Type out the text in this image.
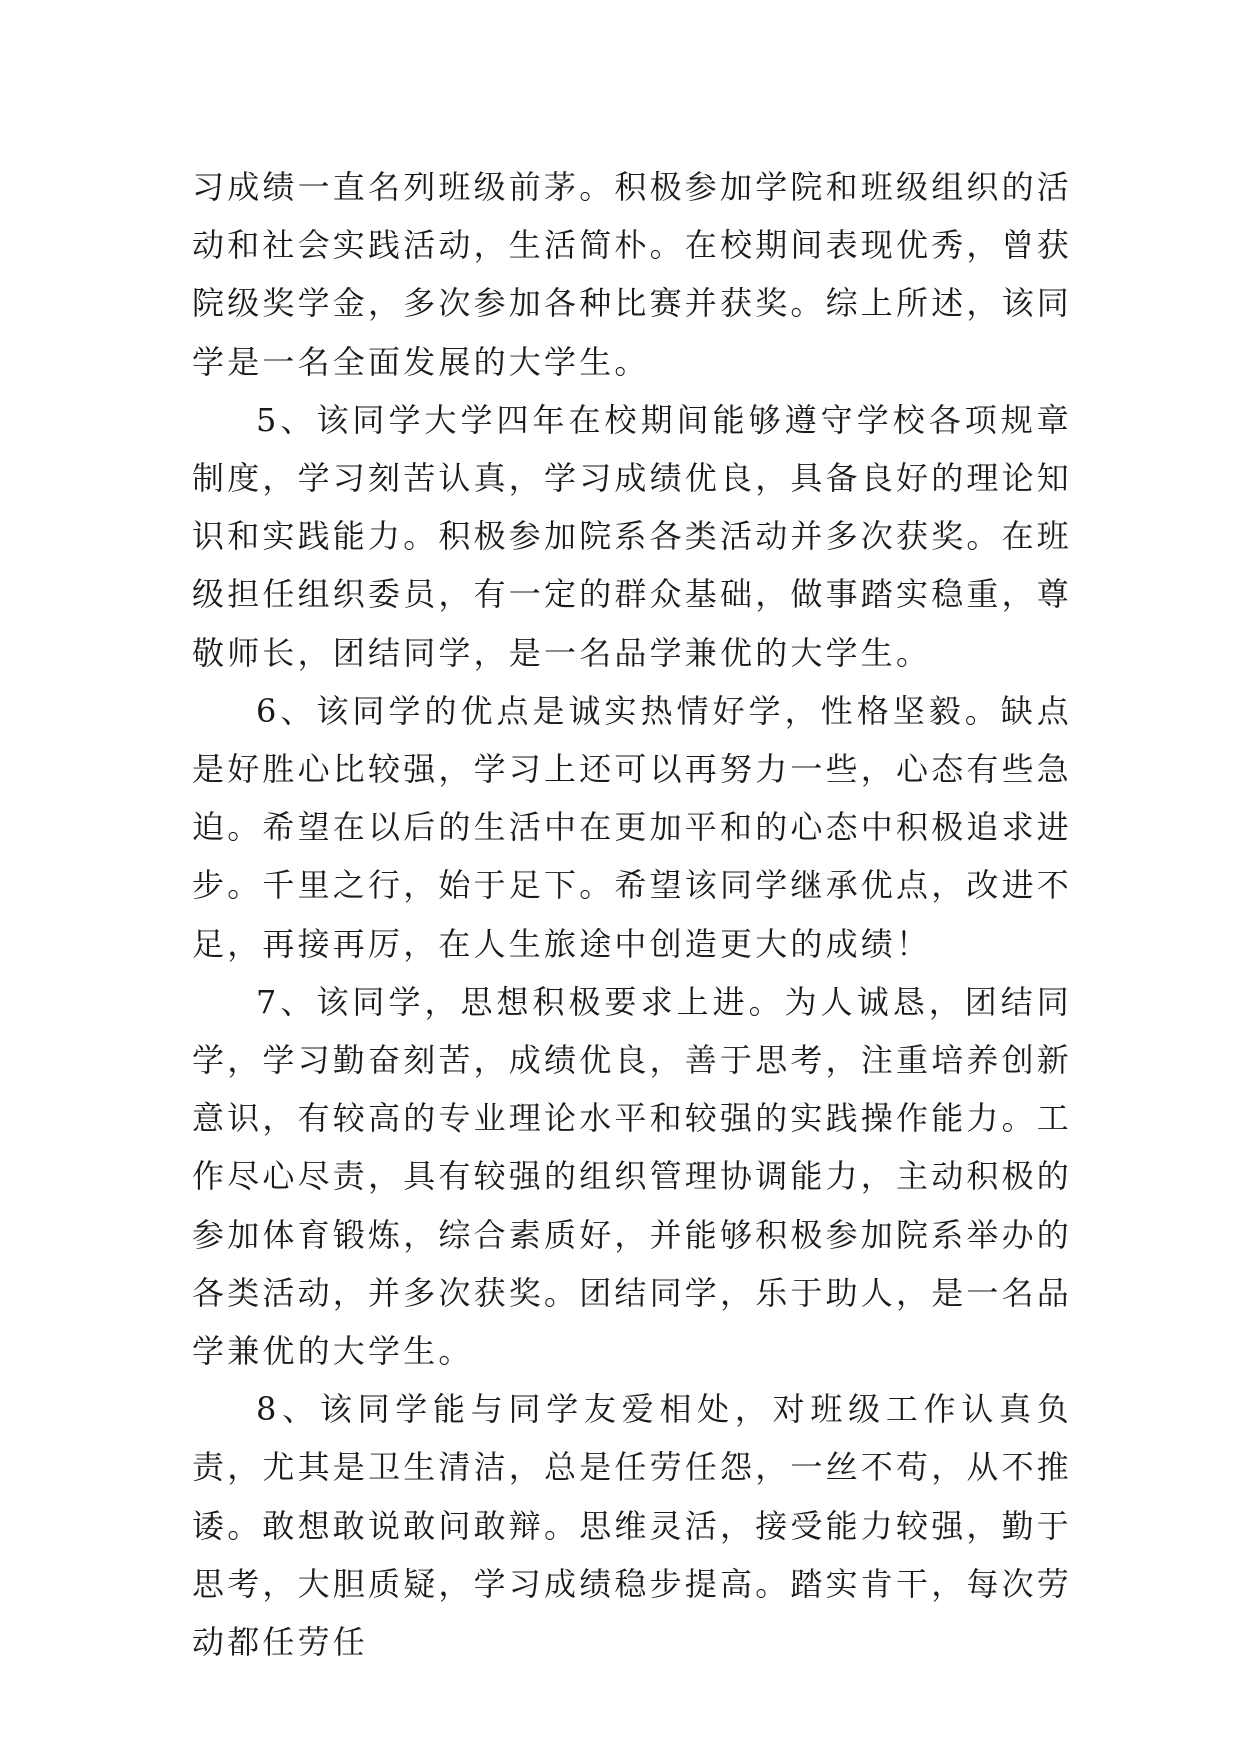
习成绩一直名列班级前茅。积极参加学院和班级组织的活动和社会实践活动，生活简朴。在校期间表现优秀，曾获院级奖学金，多次参加各种比赛并获奖。综上所述，该同学是一名全面发展的大学生。

5、该同学大学四年在校期间能够遵守学校各项规章制度，学习刻苦认真，学习成绩优良，具备良好的理论知识和实践能力。积极参加院系各类活动并多次获奖。在班级担任组织委员，有一定的群众基础，做事踏实稳重，尊敬师长，团结同学，是一名品学兼优的大学生。

6、该同学的优点是诚实热情好学，性格坚毅。缺点是好胜心比较强，学习上还可以再努力一些，心态有些急迫。希望在以后的生活中在更加平和的心态中积极追求进步。千里之行，始于足下。希望该同学继承优点，改进不足，再接再厉，在人生旅途中创造更大的成绩！

7、该同学，思想积极要求上进。为人诚恳，团结同学，学习勤奋刻苦，成绩优良，善于思考，注重培养创新意识，有较高的专业理论水平和较强的实践操作能力。工作尽心尽责，具有较强的组织管理协调能力，主动积极的参加体育锻炼，综合素质好，并能够积极参加院系举办的各类活动，并多次获奖。团结同学，乐于助人，是一名品学兼优的大学生。

8、该同学能与同学友爱相处，对班级工作认真负责，尤其是卫生清洁，总是任劳任怨，一丝不苟，从不推诿。敢想敢说敢问敢辩。思维灵活，接受能力较强，勤于思考，大胆质疑，学习成绩稳步提高。踏实肯干，每次劳动都任劳任
